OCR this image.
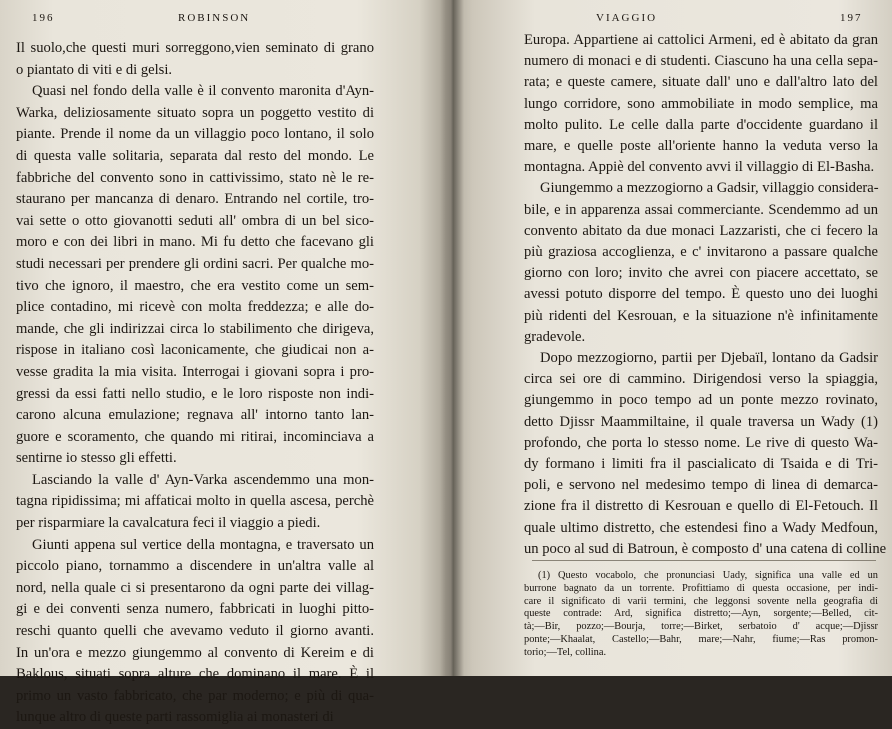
196	ROBINSON
Il suolo,che questi muri sorreggono,vien seminato di grano
o piantato di viti e di gelsi.
Quasi nel fondo della valle è il convento maronita d'Ayn-
Warka, deliziosamente situato sopra un poggetto vestito di
piante. Prende il nome da un villaggio poco lontano, il solo
di questa valle solitaria, separata dal resto del mondo. Le
fabbriche del convento sono in cattivissimo, stato nè le re-
staurano per mancanza di denaro. Entrando nel cortile, tro-
vai sette o otto giovanotti seduti all' ombra di un bel sico-
moro e con dei libri in mano. Mi fu detto che facevano gli
studi necessari per prendere gli ordini sacri. Per qualche mo-
tivo che ignoro, il maestro, che era vestito come un sem-
plice contadino, mi ricevè con molta freddezza; e alle do-
mande, che gli indirizzai circa lo stabilimento che dirigeva,
rispose in italiano così laconicamente, che giudicai non a-
vesse gradita la mia visita. Interrogai i giovani sopra i pro-
gressi da essi fatti nello studio, e le loro risposte non indi-
carono alcuna emulazione; regnava all' intorno tanto lan-
guore e scoramento, che quando mi ritirai, incominciava a
sentirne io stesso gli effetti.
Lasciando la valle d' Ayn-Varka ascendemmo una mon-
tagna ripidissima; mi affaticai molto in quella ascesa, perchè
per risparmiare la cavalcatura feci il viaggio a piedi.
Giunti appena sul vertice della montagna, e traversato un
piccolo piano, tornammo a discendere in un'altra valle al
nord, nella quale ci si presentarono da ogni parte dei villag-
gi e dei conventi senza numero, fabbricati in luoghi pitto-
reschi quanto quelli che avevamo veduto il giorno avanti.
In un'ora e mezzo giungemmo al convento di Kereim e di
Baklous, situati sopra alture che dominano il mare. È il
primo un vasto fabbricato, che par moderno; e più di qua-
lunque altro di queste parti rassomiglia ai monasteri di
VIAGGIO	197
Europa. Appartiene ai cattolici Armeni, ed è abitato da gran
numero di monaci e di studenti. Ciascuno ha una cella sepa-
rata; e queste camere, situate dall' uno e dall'altro lato del
lungo corridore, sono ammobiliate in modo semplice, ma
molto pulito. Le celle dalla parte d'occidente guardano il
mare, e quelle poste all'oriente hanno la veduta verso la
montagna. Appiè del convento avvi il villaggio di El-Basha.
Giungemmo a mezzogiorno a Gadsir, villaggio considera-
bile, e in apparenza assai commerciante. Scendemmo ad un
convento abitato da due monaci Lazzaristi, che ci fecero la
più graziosa accoglienza, e c' invitarono a passare qualche
giorno con loro; invito che avrei con piacere accettato, se
avessi potuto disporre del tempo. È questo uno dei luoghi
più ridenti del Kesrouan, e la situazione n'è infinitamente
gradevole.
Dopo mezzogiorno, partii per Djebaïl, lontano da Gadsir
circa sei ore di cammino. Dirigendosi verso la spiaggia,
giungemmo in poco tempo ad un ponte mezzo rovinato,
detto Djissr Maammiltaine, il quale traversa un Wady (1)
profondo, che porta lo stesso nome. Le rive di questo Wa-
dy formano i limiti fra il pascialicato di Tsaida e di Tri-
poli, e servono nel medesimo tempo di linea di demarca-
zione fra il distretto di Kesrouan e quello di El-Fetouch. Il
quale ultimo distretto, che estendesi fino a Wady Medfoun,
un poco al sud di Batroun, è composto d' una catena di colline
(1) Questo vocabolo, che pronunciasi Uady, significa una valle ed un
burrone bagnato da un torrente. Profittiamo di questa occasione, per indi-
care il significato di varii termini, che leggonsi sovente nella geografia di
queste contrade: Ard, significa distretto;—Ayn, sorgente;—Belled, cit-
tà;—Bir, pozzo;—Bourja, torre;—Birket, serbatoio d' acque;—Djissr
ponte;—Khaalat, Castello;—Bahr, mare;—Nahr, fiume;—Ras promon-
torio;—Tel, collina.
